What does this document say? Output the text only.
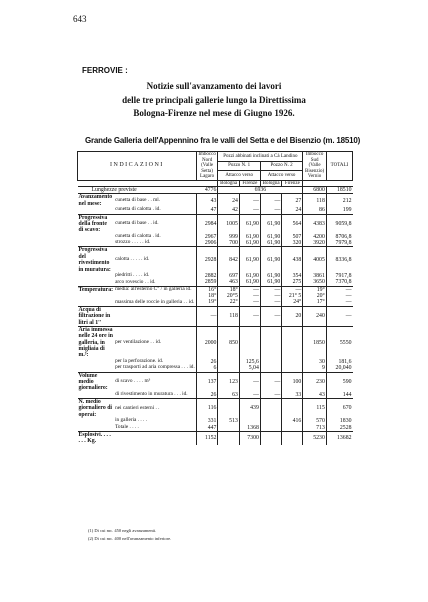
643
FERROVIE :
Notizie sull'avanzamento dei lavori
delle tre principali gallerie lungo la Direttissima
Bologna-Firenze nel mese di Giugno 1926.
Grande Galleria dell'Appennino fra le valli del Setta e del Bisenzio (m. 18510)
INDICAZIONI		Imbocco Nord (Valle Setta) Lagaro	Pozzi abbinati inclinati a Cà Landino				Imbocco Sud (Valle Bisenzio) Vernio	TOTALI
			Pozzo N. 1		Pozzo N. 2			
			Attacco verso		Attacco verso			
			Bologna	Firenze	Bologna	Firenze		
Lunghezze previste		4776	6936				6800	18510
Avanzamento nel mese:	cunetta di base . . ml.	43	24	—	—	27	118	212
	cunetta di calotta . id.	47	42	—	—	24	86	199
Progressiva della fronte di scavo:	cunetta di base . . id.	2984	1005	61,90	61,90	564	4383	9059,8
	cunetta di calotta . id.	2967	999	61,90	61,90	507	4200	8706,8
	strozzo . . . . . id.	2906	700	61,90	61,90	320	3920	7979,8
Progressiva del rivestimento in muratura:	calotta . . . . . id.	2928	842	61,90	61,90	438	4005	8336,8
	piedritti . . . . id.	2882	697	61,90	61,90	354	3861	7917,8
	arco rovescio . . id.	2859	463	61,90	61,90	275	3650	7370,8
Temperatura:	media: all'esterno C° / in galleria id.	16°	18°	—	—	—	19°	—
		18°	20°5	—	—	21° 5	20°	—
	massima delle roccie in galleria . . id.	19°	22°	—	—	24°	17°	—
Acqua di filtrazione in litri al 1''		—	118	—	—	20	240	—
Aria immessa nelle 24 ore in galleria, in migliaia di m.³:	per ventilazione . . id.	2000	850				1850	5550
	per la perforazione. id.	26		125,6			30	181,6
	per trasporti ad aria compressa . . . id.	6		5,04			9	20,040
Volume medio giornaliero:	di scavo . . . . m³	137	123	—	—	100	230	590
	di rivestimento in muratura . . . id.	26	63	—	—	33	43	144
N. medio giornaliero di operai:	nei cantieri esterni . .	116		439			115	670
	in galleria . . . .	331	513			416	570	1830
	Totale . . . .	447		1368			713	2528
Esplosivi. . . . . . . Kg.		1152		7300			5230	13682
(1) Di cui mc. 450 negli avanzamenti.
(2) Di cui mc. 400 nell'avanzamento inferiore.
